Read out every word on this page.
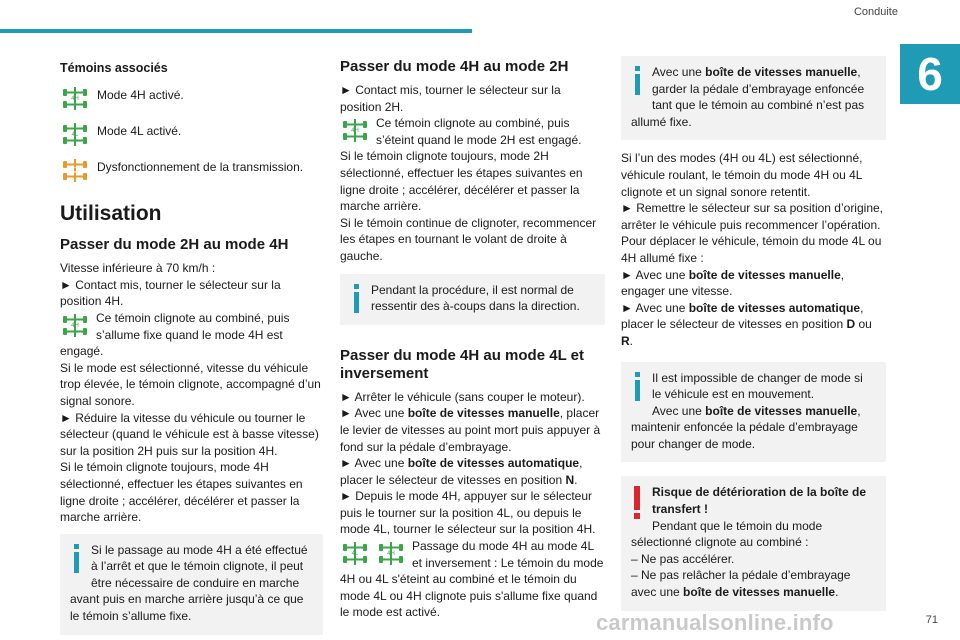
Conduite
6
Témoins associés
4H Mode 4H activé.
4L Mode 4L activé.
Dysfonctionnement de la transmission.
Utilisation
Passer du mode 2H au mode 4H

Vitesse inférieure à 70 km/h :

► Contact mis, tourner le sélecteur sur la position 4H.

4H
Ce témoin clignote au combiné, puis s’allume fixe quand le mode 4H est engagé.

Si le mode est sélectionné, vitesse du véhicule trop élevée, le témoin clignote, accompagné d’un signal sonore.

► Réduire la vitesse du véhicule ou tourner le sélecteur (quand le véhicule est à basse vitesse) sur la position 2H puis sur la position 4H.

Si le témoin clignote toujours, mode 4H sélectionné, effectuer les étapes suivantes en ligne droite ; accélérer, décélérer et passer la marche arrière.

Si le passage au mode 4H a été effectué à l’arrêt et que le témoin clignote, il peut être nécessaire de conduire en marche avant puis en marche arrière jusqu’à ce que le témoin s’allume fixe.
Passer du mode 4H au mode 2H

► Contact mis, tourner le sélecteur sur la position 2H.

4H
Ce témoin clignote au combiné, puis s’éteint quand le mode 2H est engagé.

Si le témoin clignote toujours, mode 2H sélectionné, effectuer les étapes suivantes en ligne droite ; accélérer, décélérer et passer la marche arrière.

Si le témoin continue de clignoter, recommencer les étapes en tournant le volant de droite à gauche.

Pendant la procédure, il est normal de ressentir des à-coups dans la direction.
Passer du mode 4H au mode 4L et inversement

► Arrêter le véhicule (sans couper le moteur).

► Avec une boîte de vitesses manuelle, placer le levier de vitesses au point mort puis appuyer à fond sur la pédale d’embrayage.

► Avec une boîte de vitesses automatique, placer le sélecteur de vitesses en position N.

► Depuis le mode 4H, appuyer sur le sélecteur puis le tourner sur la position 4L, ou depuis le mode 4L, tourner le sélecteur sur la position 4H.

4L	4H
Passage du mode 4H au mode 4L et inversement : Le témoin du mode 4H ou 4L s'éteint au combiné et le témoin du mode 4L ou 4H clignote puis s'allume fixe quand le mode est activé.
Avec une boîte de vitesses manuelle, garder la pédale d’embrayage enfoncée tant que le témoin au combiné n’est pas allumé fixe.

Si l’un des modes (4H ou 4L) est sélectionné, véhicule roulant, le témoin du mode 4H ou 4L clignote et un signal sonore retentit.

► Remettre le sélecteur sur sa position d’origine, arrêter le véhicule puis recommencer l’opération.

Pour déplacer le véhicule, témoin du mode 4L ou 4H allumé fixe :

► Avec une boîte de vitesses manuelle, engager une vitesse.

► Avec une boîte de vitesses automatique, placer le sélecteur de vitesses en position D ou R.

Il est impossible de changer de mode si le véhicule est en mouvement.
Avec une boîte de vitesses manuelle, maintenir enfoncée la pédale d’embrayage pour changer de mode.
Risque de détérioration de la boîte de transfert !
Pendant que le témoin du mode sélectionné clignote au combiné :
– Ne pas accélérer.
– Ne pas relâcher la pédale d’embrayage avec une boîte de vitesses manuelle.
71
carmanualsonline.info
